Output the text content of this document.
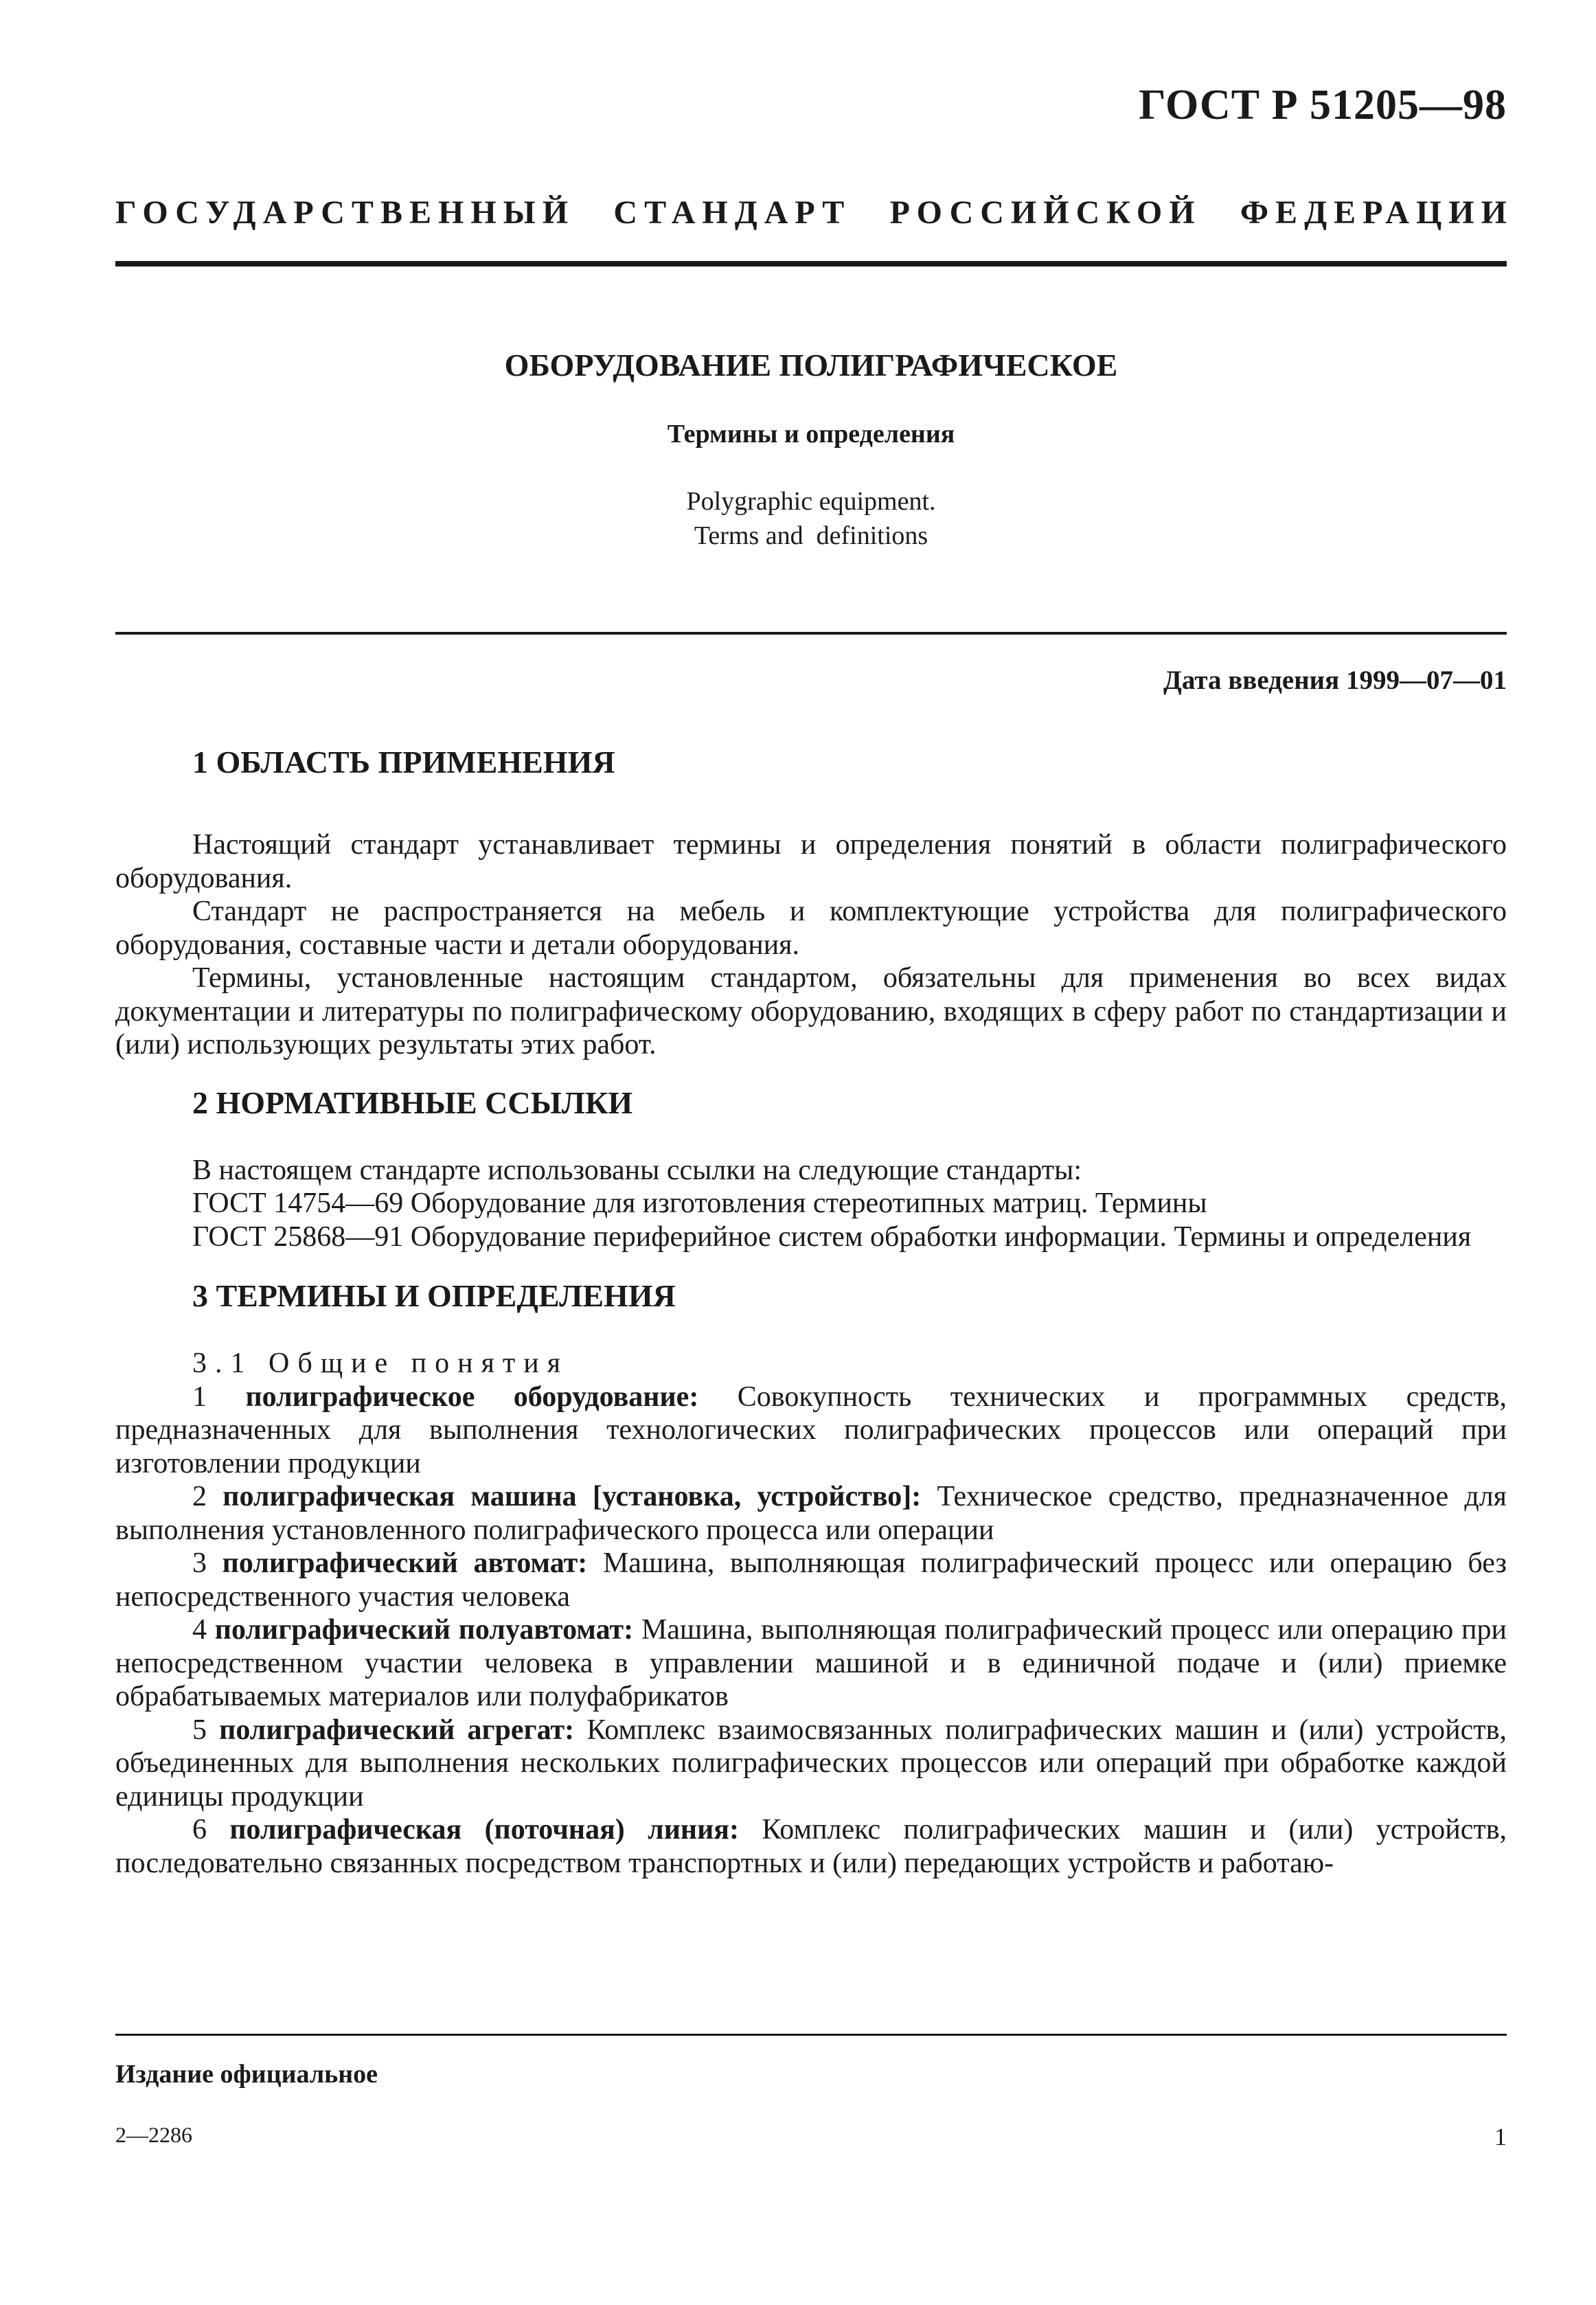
ГОСТ Р 51205—98
ГОСУДАРСТВЕННЫЙ СТАНДАРТ РОССИЙСКОЙ ФЕДЕРАЦИИ
ОБОРУДОВАНИЕ ПОЛИГРАФИЧЕСКОЕ
Термины и определения
Polygraphic equipment.
Terms and  definitions
Дата введения 1999—07—01
1 ОБЛАСТЬ ПРИМЕНЕНИЯ

Настоящий стандарт устанавливает термины и определения понятий в области полиграфического оборудования.

Стандарт не распространяется на мебель и комплектующие устройства для полиграфического оборудования, составные части и детали оборудования.

Термины, установленные настоящим стандартом, обязательны для применения во всех видах документации и литературы по полиграфическому оборудованию, входящих в сферу работ по стандартизации и (или) использующих результаты этих работ.

2 НОРМАТИВНЫЕ ССЫЛКИ

В настоящем стандарте использованы ссылки на следующие стандарты:

ГОСТ 14754—69 Оборудование для изготовления стереотипных матриц. Термины

ГОСТ 25868—91 Оборудование периферийное систем обработки информации. Термины и определения

3 ТЕРМИНЫ И ОПРЕДЕЛЕНИЯ

3.1 Общие понятия

1 полиграфическое оборудование: Совокупность технических и программных средств, предназначенных для выполнения технологических полиграфических процессов или операций при изготовлении продукции

2 полиграфическая машина [установка, устройство]: Техническое средство, предназначенное для выполнения установленного полиграфического процесса или операции

3 полиграфический автомат: Машина, выполняющая полиграфический процесс или операцию без непосредственного участия человека

4 полиграфический полуавтомат: Машина, выполняющая полиграфический процесс или операцию при непосредственном участии человека в управлении машиной и в единичной подаче и (или) приемке обрабатываемых материалов или полуфабрикатов

5 полиграфический агрегат: Комплекс взаимосвязанных полиграфических машин и (или) устройств, объединенных для выполнения нескольких полиграфических процессов или операций при обработке каждой единицы продукции

6 полиграфическая (поточная) линия: Комплекс полиграфических машин и (или) устройств, последовательно связанных посредством транспортных и (или) передающих устройств и работаю-

Издание официальное
2—2286	1
